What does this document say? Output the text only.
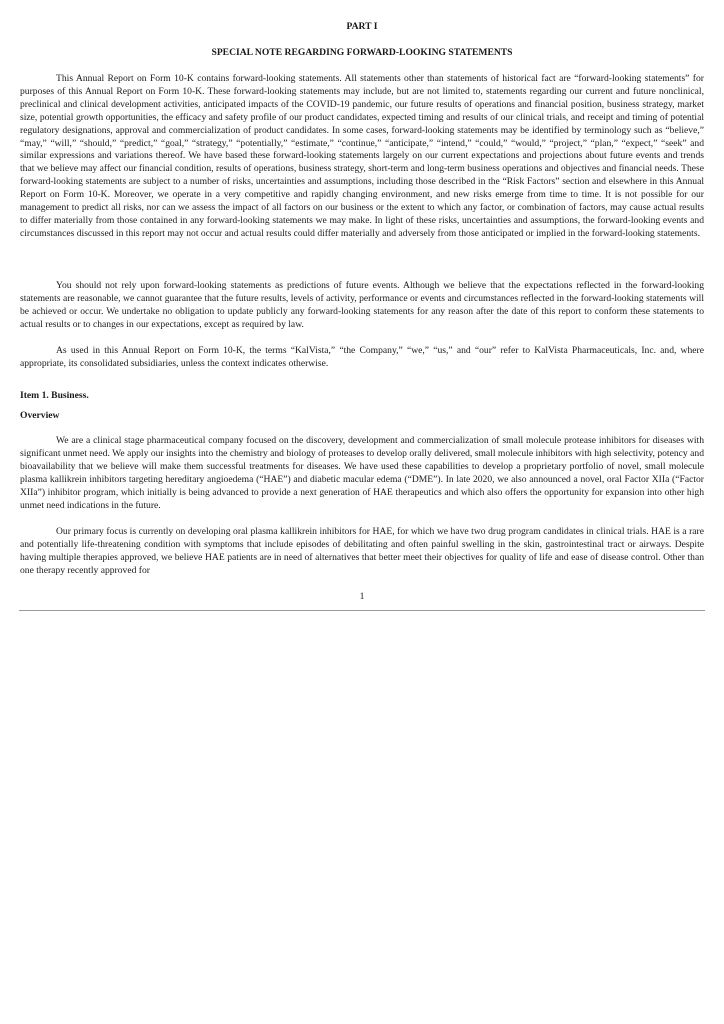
PART I
SPECIAL NOTE REGARDING FORWARD-LOOKING STATEMENTS

This Annual Report on Form 10-K contains forward-looking statements. All statements other than statements of historical fact are “forward-looking statements” for purposes of this Annual Report on Form 10-K. These forward-looking statements may include, but are not limited to, statements regarding our current and future nonclinical, preclinical and clinical development activities, anticipated impacts of the COVID-19 pandemic, our future results of operations and financial position, business strategy, market size, potential growth opportunities, the efficacy and safety profile of our product candidates, expected timing and results of our clinical trials, and receipt and timing of potential regulatory designations, approval and commercialization of product candidates. In some cases, forward-looking statements may be identified by terminology such as “believe,” “may,” “will,” “should,” “predict,” “goal,” “strategy,” “potentially,” “estimate,” “continue,” “anticipate,” “intend,” “could,” “would,” “project,” “plan,” “expect,” “seek” and similar expressions and variations thereof. We have based these forward-looking statements largely on our current expectations and projections about future events and trends that we believe may affect our financial condition, results of operations, business strategy, short-term and long-term business operations and objectives and financial needs. These forward-looking statements are subject to a number of risks, uncertainties and assumptions, including those described in the “Risk Factors” section and elsewhere in this Annual Report on Form 10-K. Moreover, we operate in a very competitive and rapidly changing environment, and new risks emerge from time to time. It is not possible for our management to predict all risks, nor can we assess the impact of all factors on our business or the extent to which any factor, or combination of factors, may cause actual results to differ materially from those contained in any forward-looking statements we may make. In light of these risks, uncertainties and assumptions, the forward-looking events and circumstances discussed in this report may not occur and actual results could differ materially and adversely from those anticipated or implied in the forward-looking statements.

You should not rely upon forward-looking statements as predictions of future events. Although we believe that the expectations reflected in the forward-looking statements are reasonable, we cannot guarantee that the future results, levels of activity, performance or events and circumstances reflected in the forward-looking statements will be achieved or occur. We undertake no obligation to update publicly any forward-looking statements for any reason after the date of this report to conform these statements to actual results or to changes in our expectations, except as required by law.

As used in this Annual Report on Form 10-K, the terms “KalVista,” “the Company,” “we,” “us,” and “our” refer to KalVista Pharmaceuticals, Inc. and, where appropriate, its consolidated subsidiaries, unless the context indicates otherwise.

Item 1. Business.
Overview

We are a clinical stage pharmaceutical company focused on the discovery, development and commercialization of small molecule protease inhibitors for diseases with significant unmet need. We apply our insights into the chemistry and biology of proteases to develop orally delivered, small molecule inhibitors with high selectivity, potency and bioavailability that we believe will make them successful treatments for diseases. We have used these capabilities to develop a proprietary portfolio of novel, small molecule plasma kallikrein inhibitors targeting hereditary angioedema (“HAE”) and diabetic macular edema (“DME”). In late 2020, we also announced a novel, oral Factor XIIa (“Factor XIIa”) inhibitor program, which initially is being advanced to provide a next generation of HAE therapeutics and which also offers the opportunity for expansion into other high unmet need indications in the future.

Our primary focus is currently on developing oral plasma kallikrein inhibitors for HAE, for which we have two drug program candidates in clinical trials. HAE is a rare and potentially life-threatening condition with symptoms that include episodes of debilitating and often painful swelling in the skin, gastrointestinal tract or airways. Despite having multiple therapies approved, we believe HAE patients are in need of alternatives that better meet their objectives for quality of life and ease of disease control. Other than one therapy recently approved for

1
